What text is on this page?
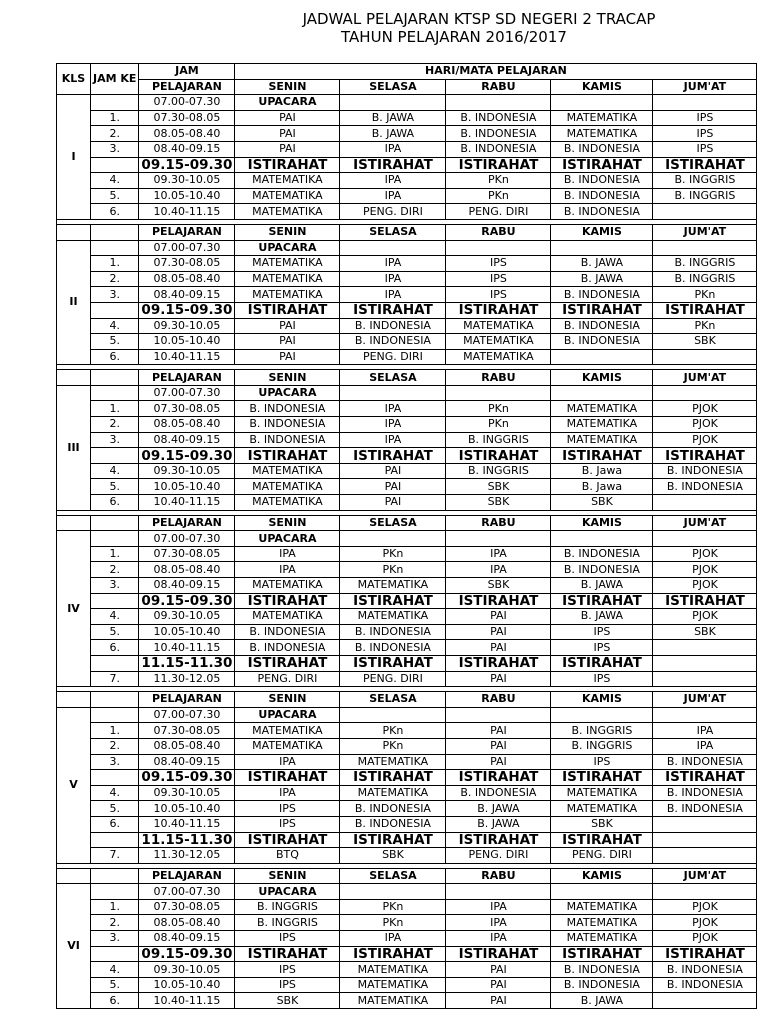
JADWAL PELAJARAN KTSP SD NEGERI 2 TRACAP
TAHUN PELAJARAN 2016/2017
KLS	JAM KE	JAM	HARI/MATA PELAJARAN				
		PELAJARAN	SENIN	SELASA	RABU	KAMIS	JUM'AT
I		07.00-07.30	UPACARA				
	1.	07.30-08.05	PAI	B. JAWA	B. INDONESIA	MATEMATIKA	IPS
	2.	08.05-08.40	PAI	B. JAWA	B. INDONESIA	MATEMATIKA	IPS
	3.	08.40-09.15	PAI	IPA	B. INDONESIA	B. INDONESIA	IPS
		09.15-09.30	ISTIRAHAT	ISTIRAHAT	ISTIRAHAT	ISTIRAHAT	ISTIRAHAT
	4.	09.30-10.05	MATEMATIKA	IPA	PKn	B. INDONESIA	B. INGGRIS
	5.	10.05-10.40	MATEMATIKA	IPA	PKn	B. INDONESIA	B. INGGRIS
	6.	10.40-11.15	MATEMATIKA	PENG. DIRI	PENG. DIRI	B. INDONESIA	

		PELAJARAN	SENIN	SELASA	RABU	KAMIS	JUM'AT
II		07.00-07.30	UPACARA				
	1.	07.30-08.05	MATEMATIKA	IPA	IPS	B. JAWA	B. INGGRIS
	2.	08.05-08.40	MATEMATIKA	IPA	IPS	B. JAWA	B. INGGRIS
	3.	08.40-09.15	MATEMATIKA	IPA	IPS	B. INDONESIA	PKn
		09.15-09.30	ISTIRAHAT	ISTIRAHAT	ISTIRAHAT	ISTIRAHAT	ISTIRAHAT
	4.	09.30-10.05	PAI	B. INDONESIA	MATEMATIKA	B. INDONESIA	PKn
	5.	10.05-10.40	PAI	B. INDONESIA	MATEMATIKA	B. INDONESIA	SBK
	6.	10.40-11.15	PAI	PENG. DIRI	MATEMATIKA		

		PELAJARAN	SENIN	SELASA	RABU	KAMIS	JUM'AT
III		07.00-07.30	UPACARA				
	1.	07.30-08.05	B. INDONESIA	IPA	PKn	MATEMATIKA	PJOK
	2.	08.05-08.40	B. INDONESIA	IPA	PKn	MATEMATIKA	PJOK
	3.	08.40-09.15	B. INDONESIA	IPA	B. INGGRIS	MATEMATIKA	PJOK
		09.15-09.30	ISTIRAHAT	ISTIRAHAT	ISTIRAHAT	ISTIRAHAT	ISTIRAHAT
	4.	09.30-10.05	MATEMATIKA	PAI	B. INGGRIS	B. Jawa	B. INDONESIA
	5.	10.05-10.40	MATEMATIKA	PAI	SBK	B. Jawa	B. INDONESIA
	6.	10.40-11.15	MATEMATIKA	PAI	SBK	SBK	

		PELAJARAN	SENIN	SELASA	RABU	KAMIS	JUM'AT
IV		07.00-07.30	UPACARA				
	1.	07.30-08.05	IPA	PKn	IPA	B. INDONESIA	PJOK
	2.	08.05-08.40	IPA	PKn	IPA	B. INDONESIA	PJOK
	3.	08.40-09.15	MATEMATIKA	MATEMATIKA	SBK	B. JAWA	PJOK
		09.15-09.30	ISTIRAHAT	ISTIRAHAT	ISTIRAHAT	ISTIRAHAT	ISTIRAHAT
	4.	09.30-10.05	MATEMATIKA	MATEMATIKA	PAI	B. JAWA	PJOK
	5.	10.05-10.40	B. INDONESIA	B. INDONESIA	PAI	IPS	SBK
	6.	10.40-11.15	B. INDONESIA	B. INDONESIA	PAI	IPS	
		11.15-11.30	ISTIRAHAT	ISTIRAHAT	ISTIRAHAT	ISTIRAHAT	
	7.	11.30-12.05	PENG. DIRI	PENG. DIRI	PAI	IPS	

		PELAJARAN	SENIN	SELASA	RABU	KAMIS	JUM'AT
V		07.00-07.30	UPACARA				
	1.	07.30-08.05	MATEMATIKA	PKn	PAI	B. INGGRIS	IPA
	2.	08.05-08.40	MATEMATIKA	PKn	PAI	B. INGGRIS	IPA
	3.	08.40-09.15	IPA	MATEMATIKA	PAI	IPS	B. INDONESIA
		09.15-09.30	ISTIRAHAT	ISTIRAHAT	ISTIRAHAT	ISTIRAHAT	ISTIRAHAT
	4.	09.30-10.05	IPA	MATEMATIKA	B. INDONESIA	MATEMATIKA	B. INDONESIA
	5.	10.05-10.40	IPS	B. INDONESIA	B. JAWA	MATEMATIKA	B. INDONESIA
	6.	10.40-11.15	IPS	B. INDONESIA	B. JAWA	SBK	
		11.15-11.30	ISTIRAHAT	ISTIRAHAT	ISTIRAHAT	ISTIRAHAT	
	7.	11.30-12.05	BTQ	SBK	PENG. DIRI	PENG. DIRI	

		PELAJARAN	SENIN	SELASA	RABU	KAMIS	JUM'AT
VI		07.00-07.30	UPACARA				
	1.	07.30-08.05	B. INGGRIS	PKn	IPA	MATEMATIKA	PJOK
	2.	08.05-08.40	B. INGGRIS	PKn	IPA	MATEMATIKA	PJOK
	3.	08.40-09.15	IPS	IPA	IPA	MATEMATIKA	PJOK
		09.15-09.30	ISTIRAHAT	ISTIRAHAT	ISTIRAHAT	ISTIRAHAT	ISTIRAHAT
	4.	09.30-10.05	IPS	MATEMATIKA	PAI	B. INDONESIA	B. INDONESIA
	5.	10.05-10.40	IPS	MATEMATIKA	PAI	B. INDONESIA	B. INDONESIA
	6.	10.40-11.15	SBK	MATEMATIKA	PAI	B. JAWA	
